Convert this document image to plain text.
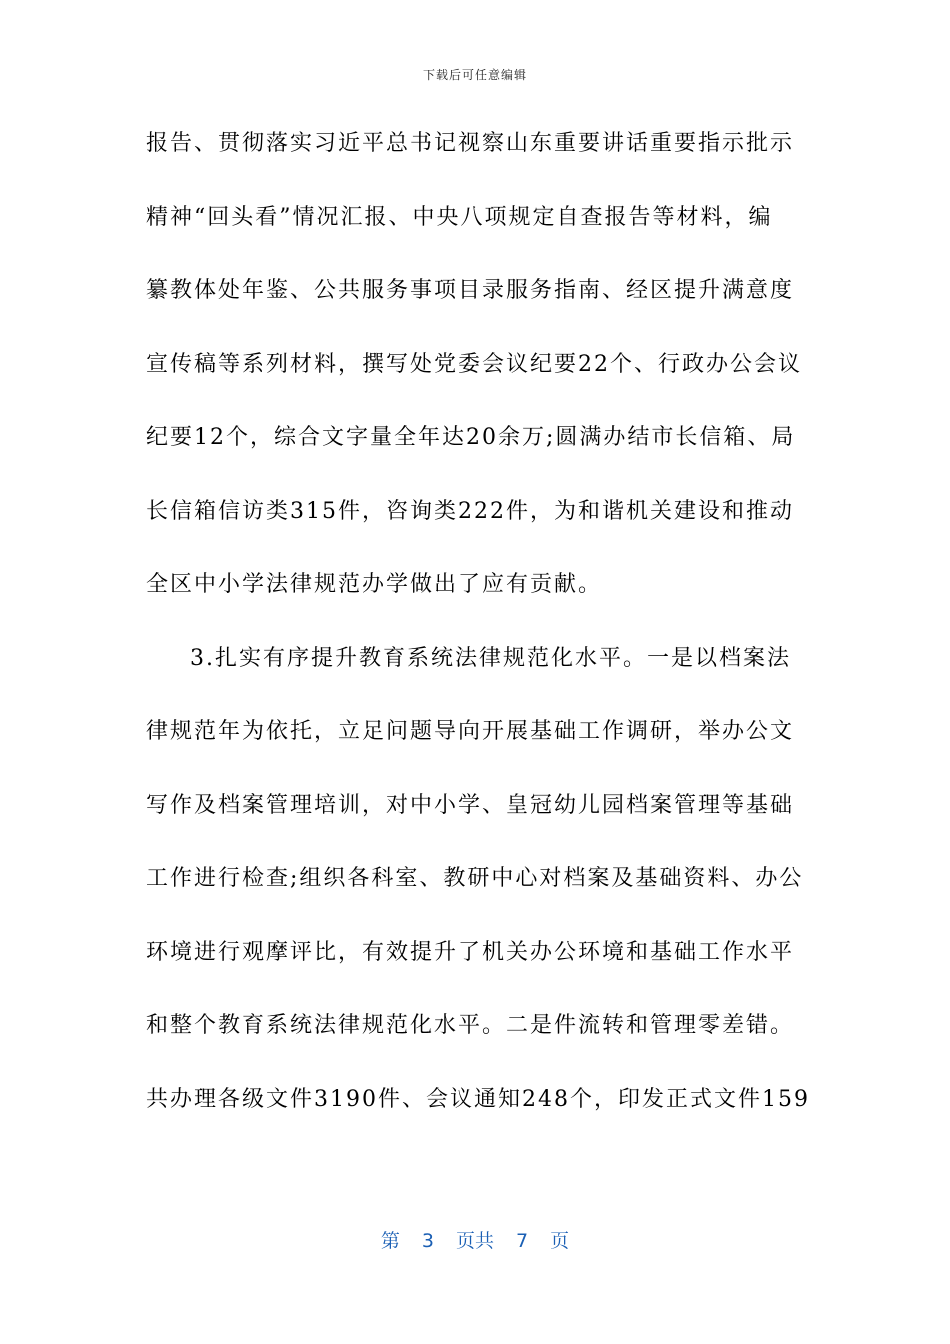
下载后可任意编辑
报告、贯彻落实习近平总书记视察山东重要讲话重要指示批示
精神“回头看”情况汇报、中央八项规定自查报告等材料，编
纂教体处年鉴、公共服务事项目录服务指南、经区提升满意度
宣传稿等系列材料，撰写处党委会议纪要22个、行政办公会议
纪要12个，综合文字量全年达20余万;圆满办结市长信箱、局
长信箱信访类315件，咨询类222件，为和谐机关建设和推动
全区中小学法律规范办学做出了应有贡献。
3.扎实有序提升教育系统法律规范化水平。一是以档案法
律规范年为依托，立足问题导向开展基础工作调研，举办公文
写作及档案管理培训，对中小学、皇冠幼儿园档案管理等基础
工作进行检查;组织各科室、教研中心对档案及基础资料、办公
环境进行观摩评比，有效提升了机关办公环境和基础工作水平
和整个教育系统法律规范化水平。二是件流转和管理零差错。
共办理各级文件3190件、会议通知248个，印发正式文件159
第 3 页共 7 页
